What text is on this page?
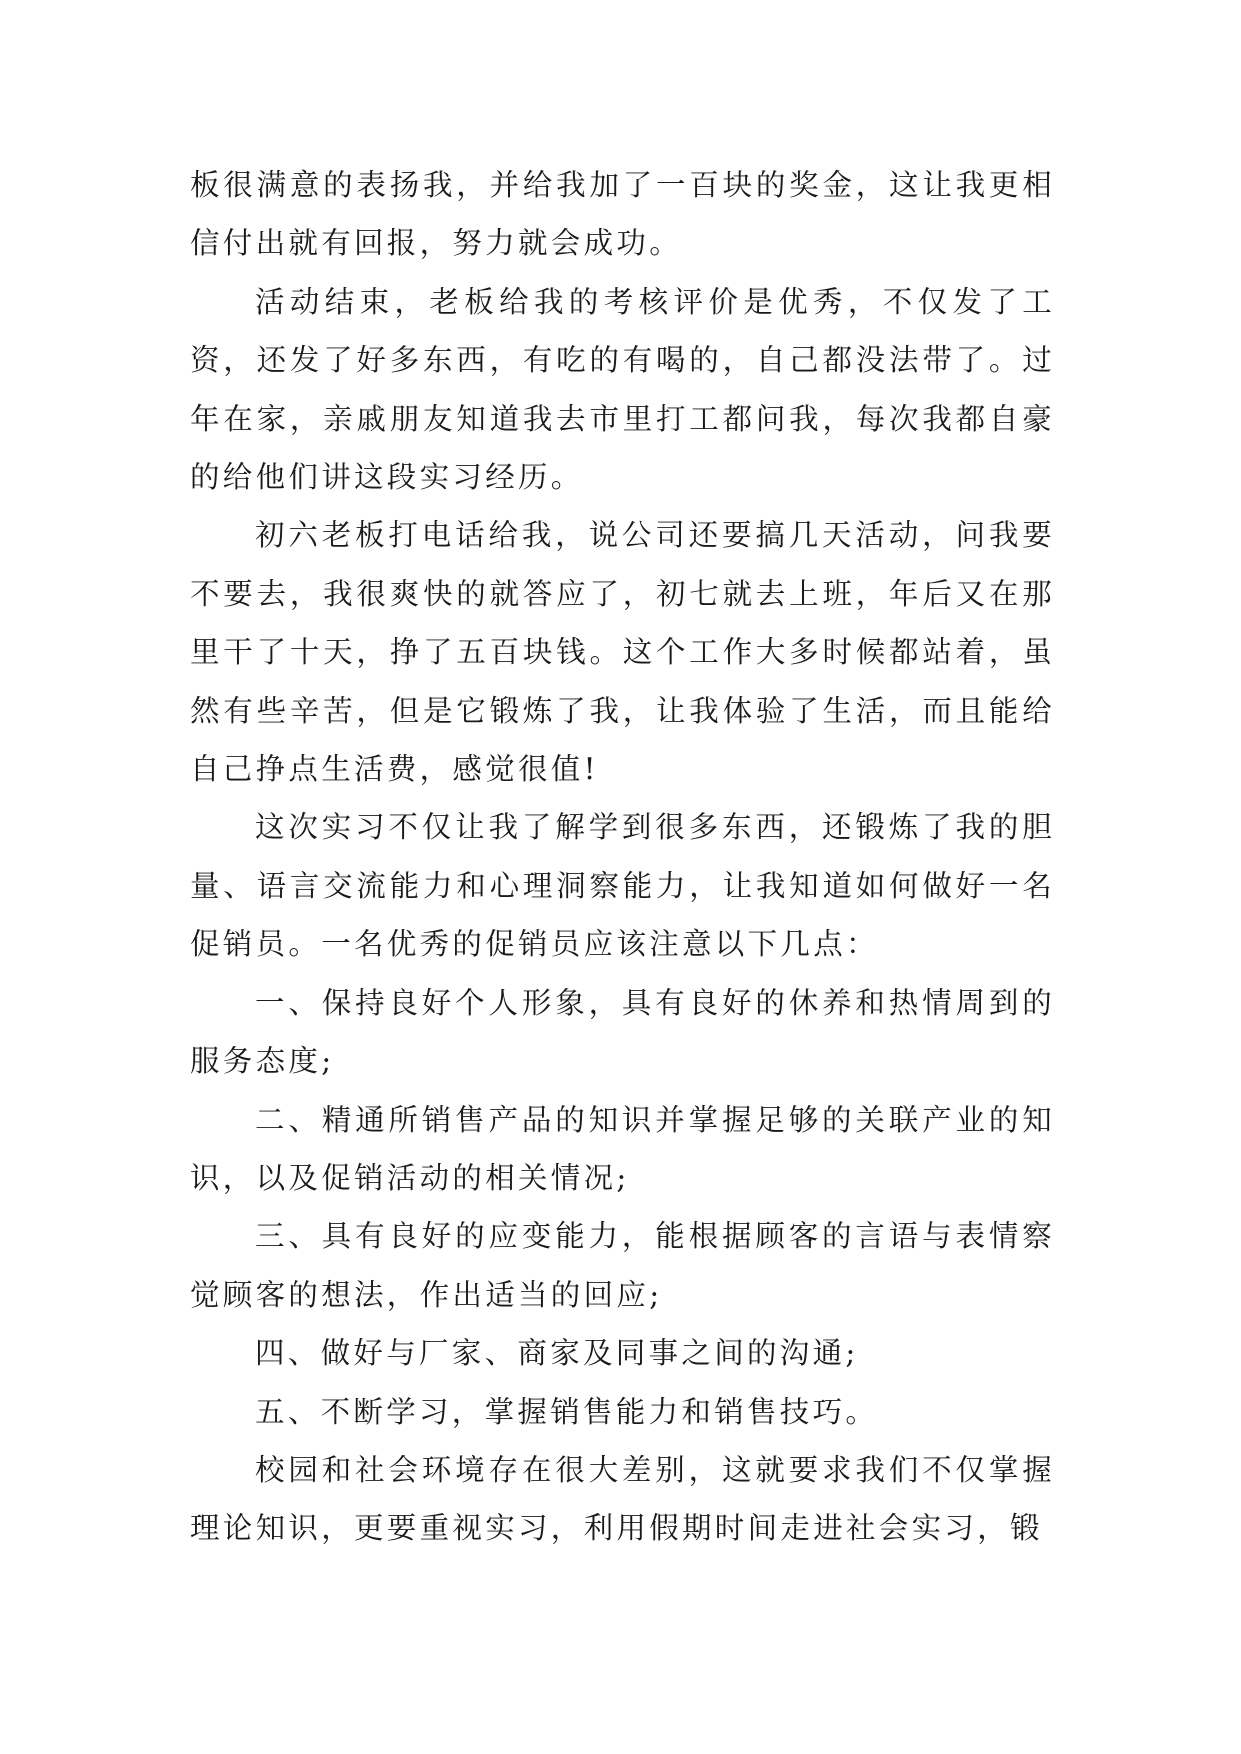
板很满意的表扬我，并给我加了一百块的奖金，这让我更相信付出就有回报，努力就会成功。

活动结束，老板给我的考核评价是优秀，不仅发了工资，还发了好多东西，有吃的有喝的，自己都没法带了。过年在家，亲戚朋友知道我去市里打工都问我，每次我都自豪的给他们讲这段实习经历。

初六老板打电话给我，说公司还要搞几天活动，问我要不要去，我很爽快的就答应了，初七就去上班，年后又在那里干了十天，挣了五百块钱。这个工作大多时候都站着，虽然有些辛苦，但是它锻炼了我，让我体验了生活，而且能给自己挣点生活费，感觉很值!

这次实习不仅让我了解学到很多东西，还锻炼了我的胆量、语言交流能力和心理洞察能力，让我知道如何做好一名促销员。一名优秀的促销员应该注意以下几点：

一、保持良好个人形象，具有良好的休养和热情周到的服务态度;

二、精通所销售产品的知识并掌握足够的关联产业的知识，以及促销活动的相关情况;

三、具有良好的应变能力，能根据顾客的言语与表情察觉顾客的想法，作出适当的回应;

四、做好与厂家、商家及同事之间的沟通;

五、不断学习，掌握销售能力和销售技巧。

校园和社会环境存在很大差别，这就要求我们不仅掌握理论知识，更要重视实习，利用假期时间走进社会实习，锻
